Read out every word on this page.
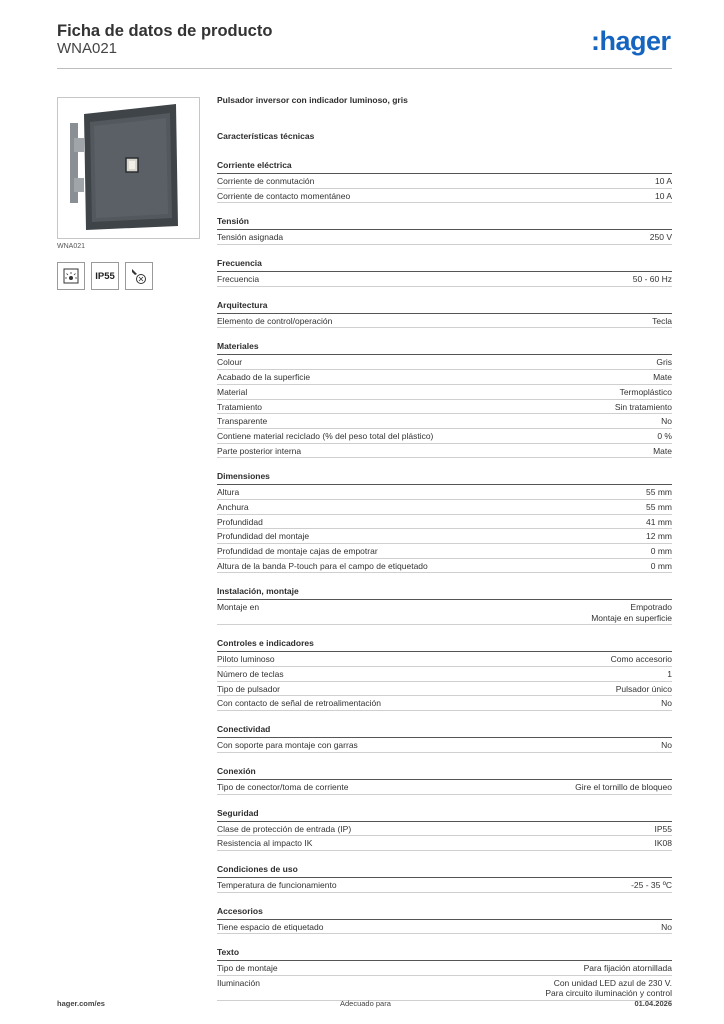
Ficha de datos de producto
WNA021	:hager
WNA021
IP55
Pulsador inversor con indicador luminoso, gris
Características técnicas
Corriente eléctrica
Corriente de conmutación	10 A
Corriente de contacto momentáneo	10 A
Tensión
Tensión asignada	250 V
Frecuencia
Frecuencia	50 - 60 Hz
Arquitectura
Elemento de control/operación	Tecla
Materiales
Colour	Gris
Acabado de la superficie	Mate
Material	Termoplástico
Tratamiento	Sin tratamiento
Transparente	No
Contiene material reciclado (% del peso total del plástico)	0 %
Parte posterior interna	Mate
Dimensiones
Altura	55 mm
Anchura	55 mm
Profundidad	41 mm
Profundidad del montaje	12 mm
Profundidad de montaje cajas de empotrar	0 mm
Altura de la banda P-touch para el campo de etiquetado	0 mm
Instalación, montaje
Montaje en	Empotrado
Montaje en superficie
Controles e indicadores
Piloto luminoso	Como accesorio
Número de teclas	1
Tipo de pulsador	Pulsador único
Con contacto de señal de retroalimentación	No
Conectividad
Con soporte para montaje con garras	No
Conexión
Tipo de conector/toma de corriente	Gire el tornillo de bloqueo
Seguridad
Clase de protección de entrada (IP)	IP55
Resistencia al impacto IK	IK08
Condiciones de uso
Temperatura de funcionamiento	-25 - 35 ºC
Accesorios
Tiene espacio de etiquetado	No
Texto
Tipo de montaje	Para fijación atornillada
Iluminación	Con unidad LED azul de 230 V.
Para circuito iluminación y control
hager.com/es	Adecuado para	01.04.2026
